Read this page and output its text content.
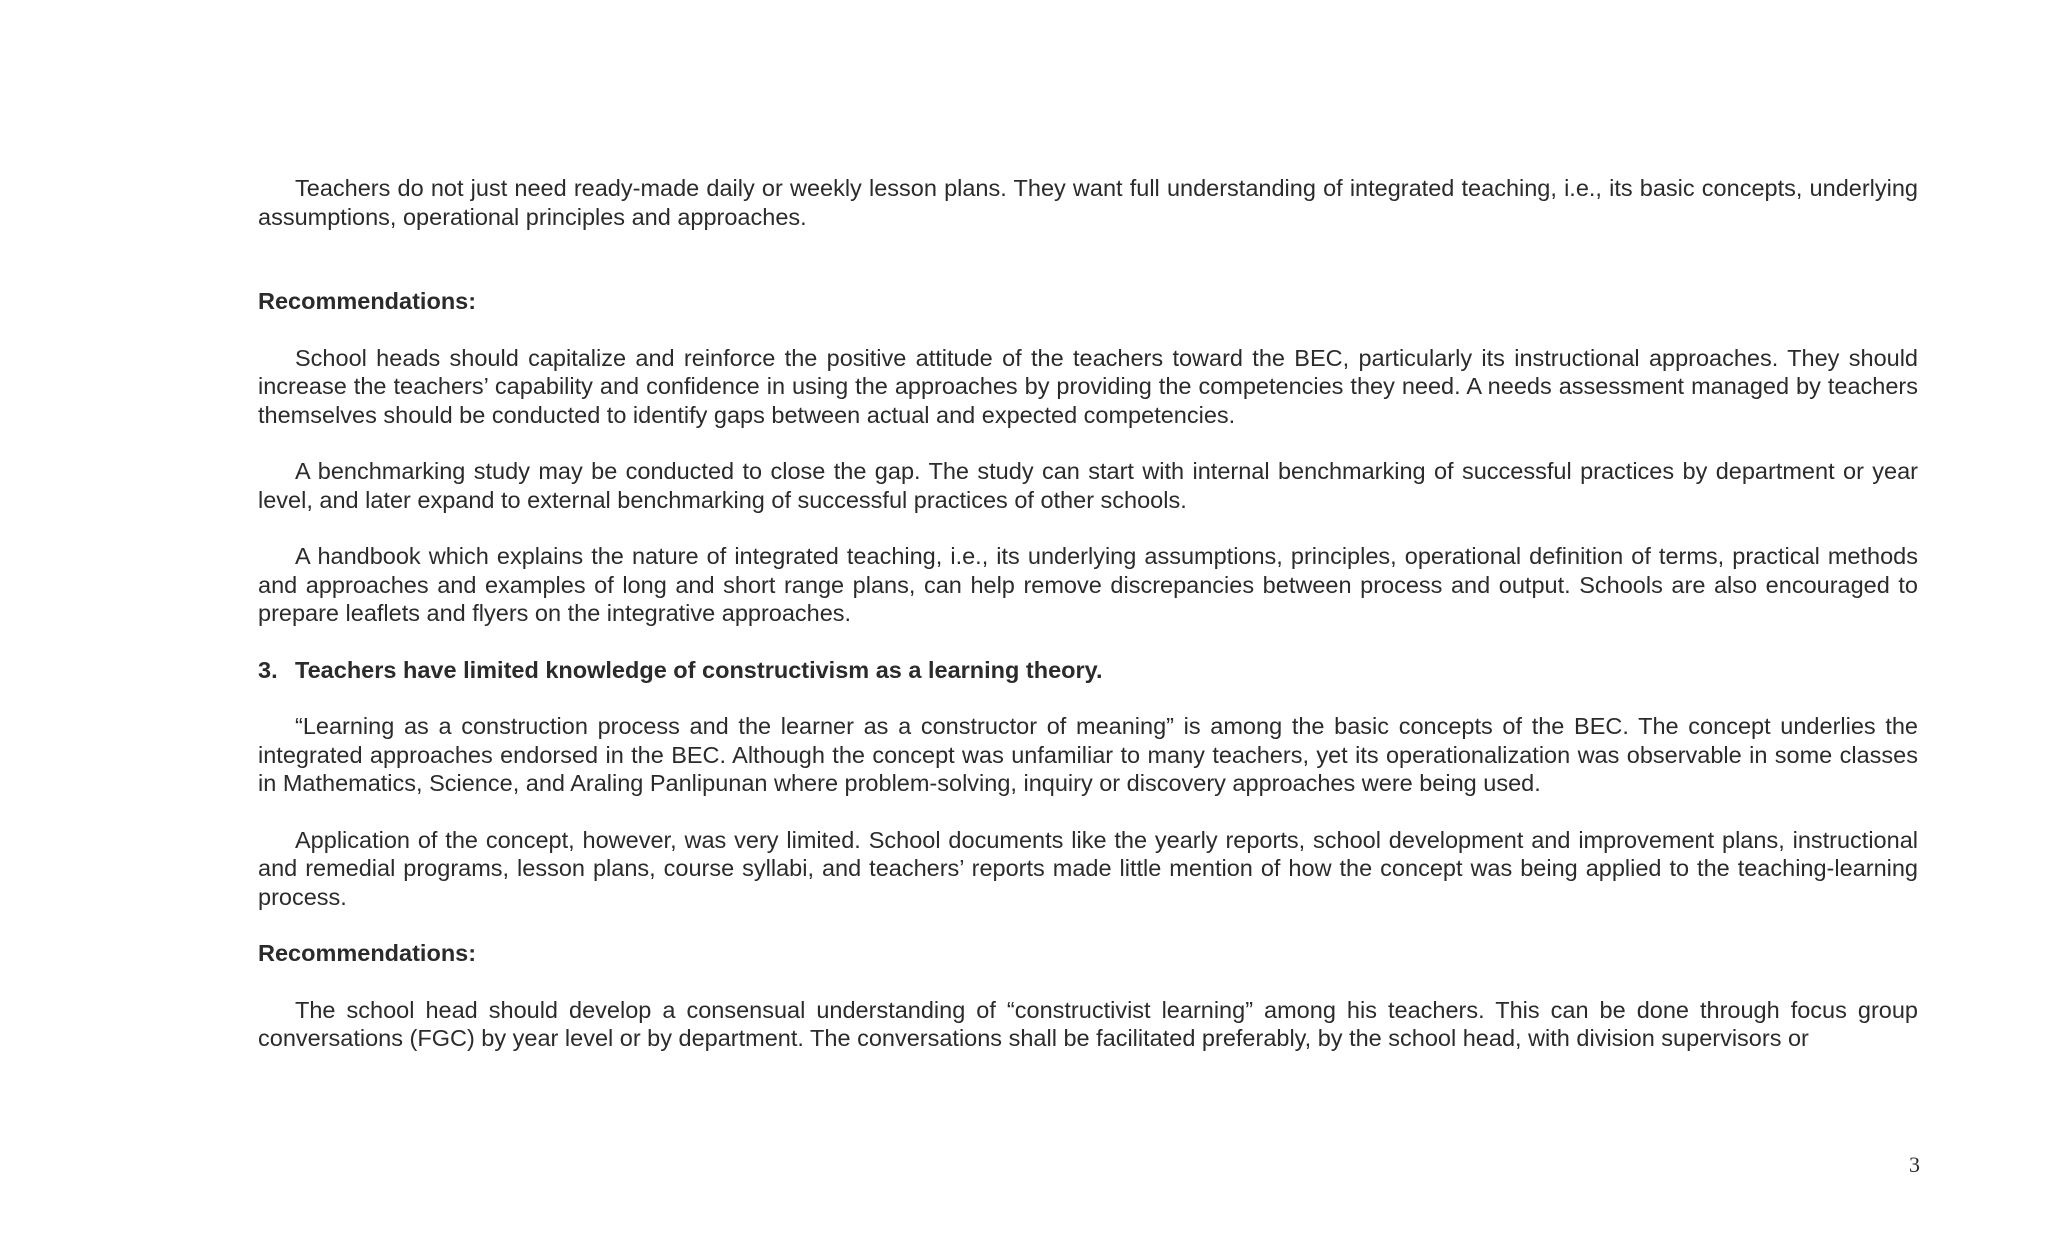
Teachers do not just need ready-made daily or weekly lesson plans. They want full understanding of integrated teaching, i.e., its basic concepts, underlying assumptions, operational principles and approaches.

Recommendations:

School heads should capitalize and reinforce the positive attitude of the teachers toward the BEC, particularly its instructional approaches. They should increase the teachers’ capability and confidence in using the approaches by providing the competencies they need. A needs assessment managed by teachers themselves should be conducted to identify gaps between actual and expected competencies.

A benchmarking study may be conducted to close the gap. The study can start with internal benchmarking of successful practices by department or year level, and later expand to external benchmarking of successful practices of other schools.

A handbook which explains the nature of integrated teaching, i.e., its underlying assumptions, principles, operational definition of terms, practical methods and approaches and examples of long and short range plans, can help remove discrepancies between process and output. Schools are also encouraged to prepare leaflets and flyers on the integrative approaches.

3. Teachers have limited knowledge of constructivism as a learning theory.

“Learning as a construction process and the learner as a constructor of meaning” is among the basic concepts of the BEC. The concept underlies the integrated approaches endorsed in the BEC. Although the concept was unfamiliar to many teachers, yet its operationalization was observable in some classes in Mathematics, Science, and Araling Panlipunan where problem-solving, inquiry or discovery approaches were being used.

Application of the concept, however, was very limited. School documents like the yearly reports, school development and improvement plans, instructional and remedial programs, lesson plans, course syllabi, and teachers’ reports made little mention of how the concept was being applied to the teaching-learning process.

Recommendations:

The school head should develop a consensual understanding of “constructivist learning” among his teachers. This can be done through focus group conversations (FGC) by year level or by department. The conversations shall be facilitated preferably, by the school head, with division supervisors or

3
